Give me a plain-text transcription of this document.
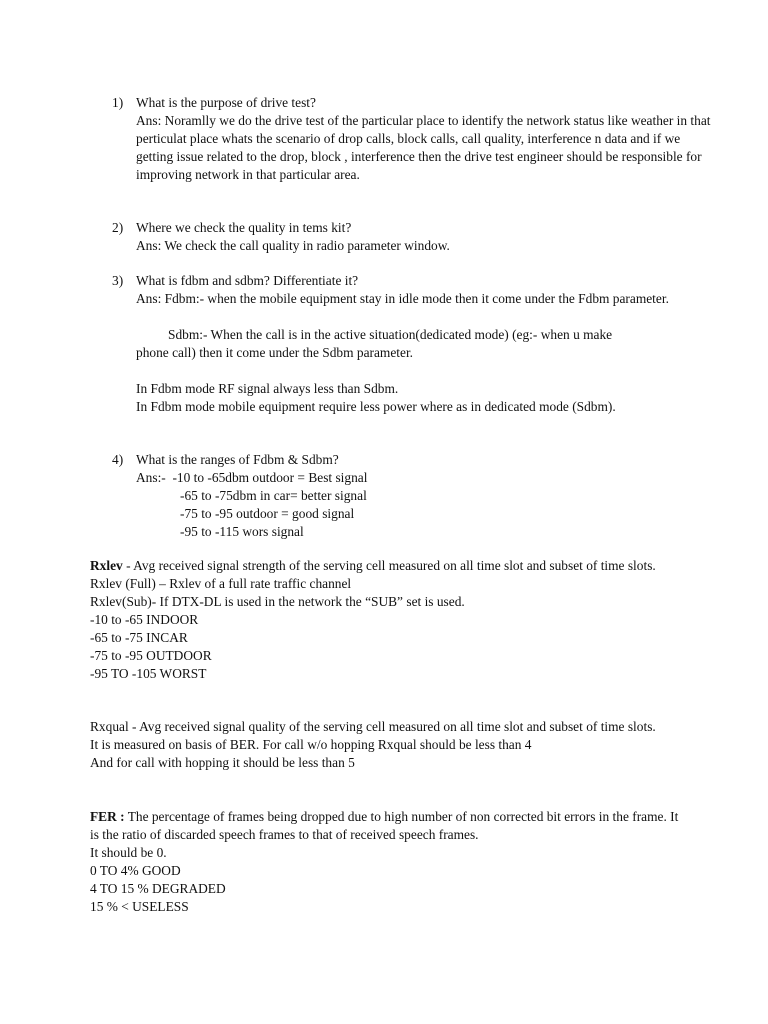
1) What is the purpose of drive test?
Ans: Noramlly we do the drive test of the particular place to identify the network status like weather in that perticulat place whats the scenario of drop calls, block calls, call quality, interference n data and if we getting issue related to the drop, block , interference then the drive test engineer should be responsible for improving network in that particular area.
2) Where we check the quality in tems kit?
Ans: We check the call quality in radio parameter window.
3) What is fdbm and sdbm? Differentiate it?
Ans: Fdbm:- when the mobile equipment stay in idle mode then it come under the Fdbm parameter.
Sdbm:- When the call is in the active situation(dedicated mode) (eg:- when u make
phone call) then it come under the Sdbm parameter.
In Fdbm mode RF signal always less than Sdbm.
In Fdbm mode mobile equipment require less power where as in dedicated mode (Sdbm).
4) What is the ranges of Fdbm & Sdbm?
Ans:-  -10 to -65dbm outdoor = Best signal
-65 to -75dbm in car= better signal
-75 to -95 outdoor = good signal
-95 to -115 wors signal
Rxlev - Avg received signal strength of the serving cell measured on all time slot and subset of time slots.
Rxlev (Full) – Rxlev of a full rate traffic channel
Rxlev(Sub)- If DTX-DL is used in the network the “SUB” set is used.
-10 to -65 INDOOR
-65 to -75 INCAR
-75 to -95 OUTDOOR
-95 TO -105 WORST
Rxqual - Avg received signal quality of the serving cell measured on all time slot and subset of time slots.
It is measured on basis of BER. For call w/o hopping Rxqual should be less than 4
And for call with hopping it should be less than 5
FER : The percentage of frames being dropped due to high number of non corrected bit errors in the frame. It is the ratio of discarded speech frames to that of received speech frames.
It should be 0.
0 TO 4% GOOD
4 TO 15 % DEGRADED
15 % < USELESS
